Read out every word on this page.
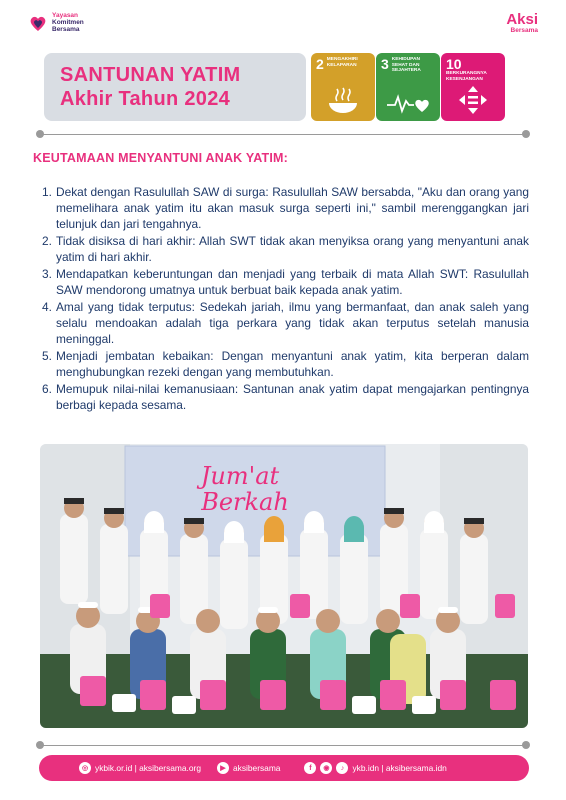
Yayasan
Komitmen
Bersama
Aksi
Bersama
SANTUNAN YATIM
Akhir Tahun 2024
2 MENGAKHIRI KELAPARAN	3 KEHIDUPAN SEHAT DAN SEJAHTERA	10
BERKURANGNYA KESENJANGAN
KEUTAMAAN MENYANTUNI ANAK YATIM:
1. Dekat dengan Rasulullah SAW di surga: Rasulullah SAW bersabda, "Aku dan orang yang memelihara anak yatim itu akan masuk surga seperti ini," sambil merenggangkan jari telunjuk dan jari tengahnya.
2. Tidak disiksa di hari akhir: Allah SWT tidak akan menyiksa orang yang menyantuni anak yatim di hari akhir.
3. Mendapatkan keberuntungan dan menjadi yang terbaik di mata Allah SWT: Rasulullah SAW mendorong umatnya untuk berbuat baik kepada anak yatim.
4. Amal yang tidak terputus: Sedekah jariah, ilmu yang bermanfaat, dan anak saleh yang selalu mendoakan adalah tiga perkara yang tidak akan terputus setelah manusia meninggal.
5. Menjadi jembatan kebaikan: Dengan menyantuni anak yatim, kita berperan dalam menghubungkan rezeki dengan yang membutuhkan.
6. Memupuk nilai-nilai kemanusiaan: Santunan anak yatim dapat mengajarkan pentingnya berbagi kepada sesama.
Jum'at
Berkah
◎ ykbik.or.id | aksibersama.org	▶ aksibersama	f	◉	♪ ykb.idn | aksibersama.idn
